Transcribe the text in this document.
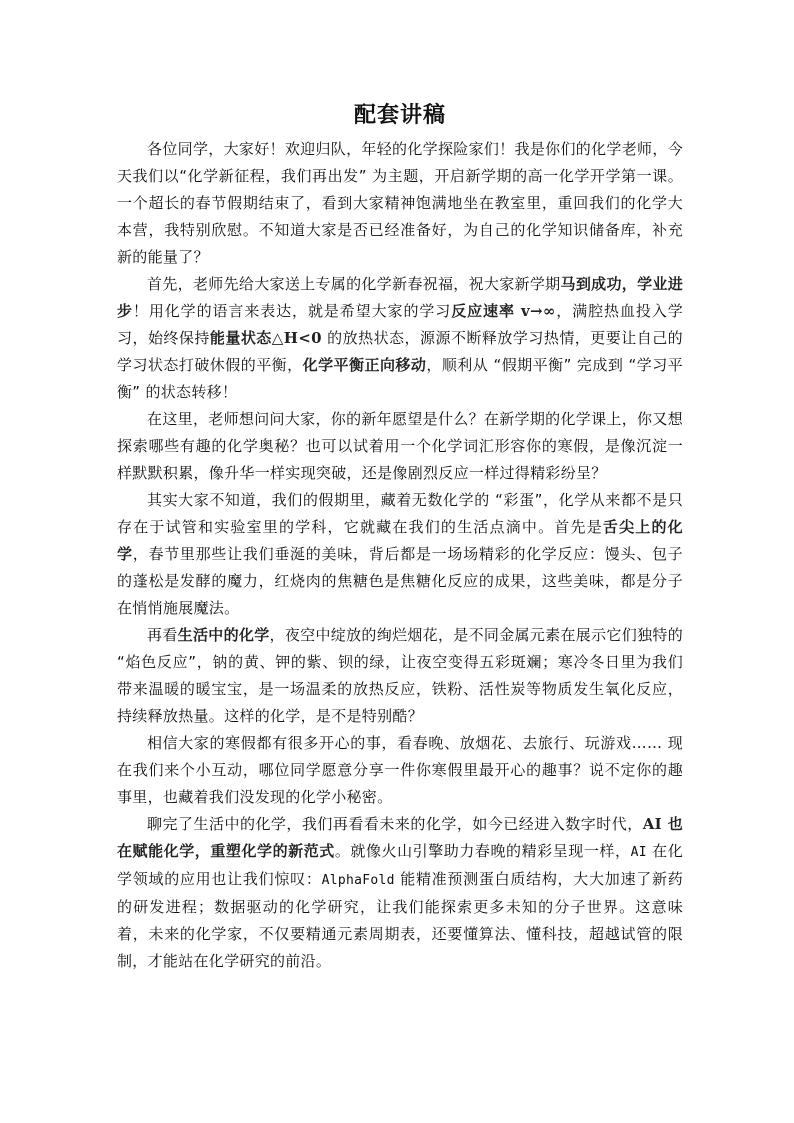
配套讲稿

各位同学，大家好！欢迎归队，年轻的化学探险家们！我是你们的化学老师，今天我们以“化学新征程，我们再出发” 为主题，开启新学期的高一化学开学第一课。一个超长的春节假期结束了，看到大家精神饱满地坐在教室里，重回我们的化学大本营，我特别欣慰。不知道大家是否已经准备好，为自己的化学知识储备库，补充新的能量了？

首先，老师先给大家送上专属的化学新春祝福，祝大家新学期马到成功，学业进步！用化学的语言来表达，就是希望大家的学习反应速率 v→∞，满腔热血投入学习，始终保持能量状态△H<0 的放热状态，源源不断释放学习热情，更要让自己的学习状态打破休假的平衡，化学平衡正向移动，顺利从 “假期平衡” 完成到 “学习平衡” 的状态转移！

在这里，老师想问问大家，你的新年愿望是什么？在新学期的化学课上，你又想探索哪些有趣的化学奥秘？也可以试着用一个化学词汇形容你的寒假，是像沉淀一样默默积累，像升华一样实现突破，还是像剧烈反应一样过得精彩纷呈？

其实大家不知道，我们的假期里，藏着无数化学的 “彩蛋”，化学从来都不是只存在于试管和实验室里的学科，它就藏在我们的生活点滴中。首先是舌尖上的化学，春节里那些让我们垂涎的美味，背后都是一场场精彩的化学反应：馒头、包子的蓬松是发酵的魔力，红烧肉的焦糖色是焦糖化反应的成果，这些美味，都是分子在悄悄施展魔法。

再看生活中的化学，夜空中绽放的绚烂烟花，是不同金属元素在展示它们独特的 “焰色反应”，钠的黄、钾的紫、钡的绿，让夜空变得五彩斑斓；寒冷冬日里为我们带来温暖的暖宝宝，是一场温柔的放热反应，铁粉、活性炭等物质发生氧化反应，持续释放热量。这样的化学，是不是特别酷？

相信大家的寒假都有很多开心的事，看春晚、放烟花、去旅行、玩游戏…… 现在我们来个小互动，哪位同学愿意分享一件你寒假里最开心的趣事？说不定你的趣事里，也藏着我们没发现的化学小秘密。

聊完了生活中的化学，我们再看看未来的化学，如今已经进入数字时代，AI 也在赋能化学，重塑化学的新范式。就像火山引擎助力春晚的精彩呈现一样，AI 在化学领域的应用也让我们惊叹：AlphaFold 能精准预测蛋白质结构，大大加速了新药的研发进程；数据驱动的化学研究，让我们能探索更多未知的分子世界。这意味着，未来的化学家，不仅要精通元素周期表，还要懂算法、懂科技，超越试管的限制，才能站在化学研究的前沿。
